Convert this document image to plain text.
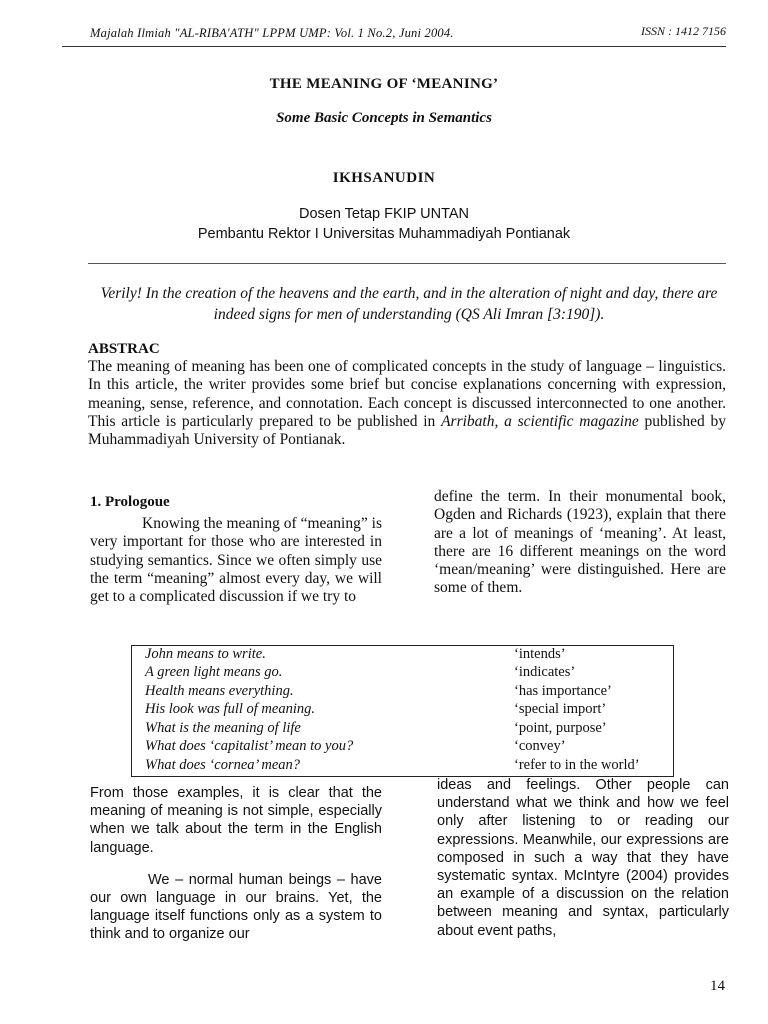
Majalah Ilmiah "AL-RIBA'ATH" LPPM UMP: Vol. 1 No.2, Juni 2004.	ISSN : 1412 7156
THE MEANING OF ‘MEANING’
Some Basic Concepts in Semantics
IKHSANUDIN
Dosen Tetap FKIP UNTAN
Pembantu Rektor I Universitas Muhammadiyah Pontianak
Verily! In the creation of the heavens and the earth, and in the alteration of night and day, there are indeed signs for men of understanding (QS Ali Imran [3:190]).
ABSTRAC
The meaning of meaning has been one of complicated concepts in the study of language – linguistics. In this article, the writer provides some brief but concise explanations concerning with expression, meaning, sense, reference, and connotation. Each concept is discussed interconnected to one another. This article is particularly prepared to be published in Arribath, a scientific magazine published by Muhammadiyah University of Pontianak.
1. Prologoue

Knowing the meaning of “meaning” is very important for those who are interested in studying semantics. Since we often simply use the term “meaning” almost every day, we will get to a complicated discussion if we try to

define the term. In their monumental book, Ogden and Richards (1923), explain that there are a lot of meanings of ‘meaning’. At least, there are 16 different meanings on the word ‘mean/meaning’ were distinguished. Here are some of them.

John means to write.	‘intends’
A green light means go.	‘indicates’
Health means everything.	‘has importance’
His look was full of meaning.	‘special import’
What is the meaning of life	‘point, purpose’
What does ‘capitalist’ mean to you?	‘convey’
What does ‘cornea’ mean?	‘refer to in the world’

From those examples, it is clear that the meaning of meaning is not simple, especially when we talk about the term in the English language.

We – normal human beings – have our own language in our brains. Yet, the language itself functions only as a system to think and to organize our

ideas and feelings. Other people can understand what we think and how we feel only after listening to or reading our expressions. Meanwhile, our expressions are composed in such a way that they have systematic syntax. McIntyre (2004) provides an example of a discussion on the relation between meaning and syntax, particularly about event paths,

14
